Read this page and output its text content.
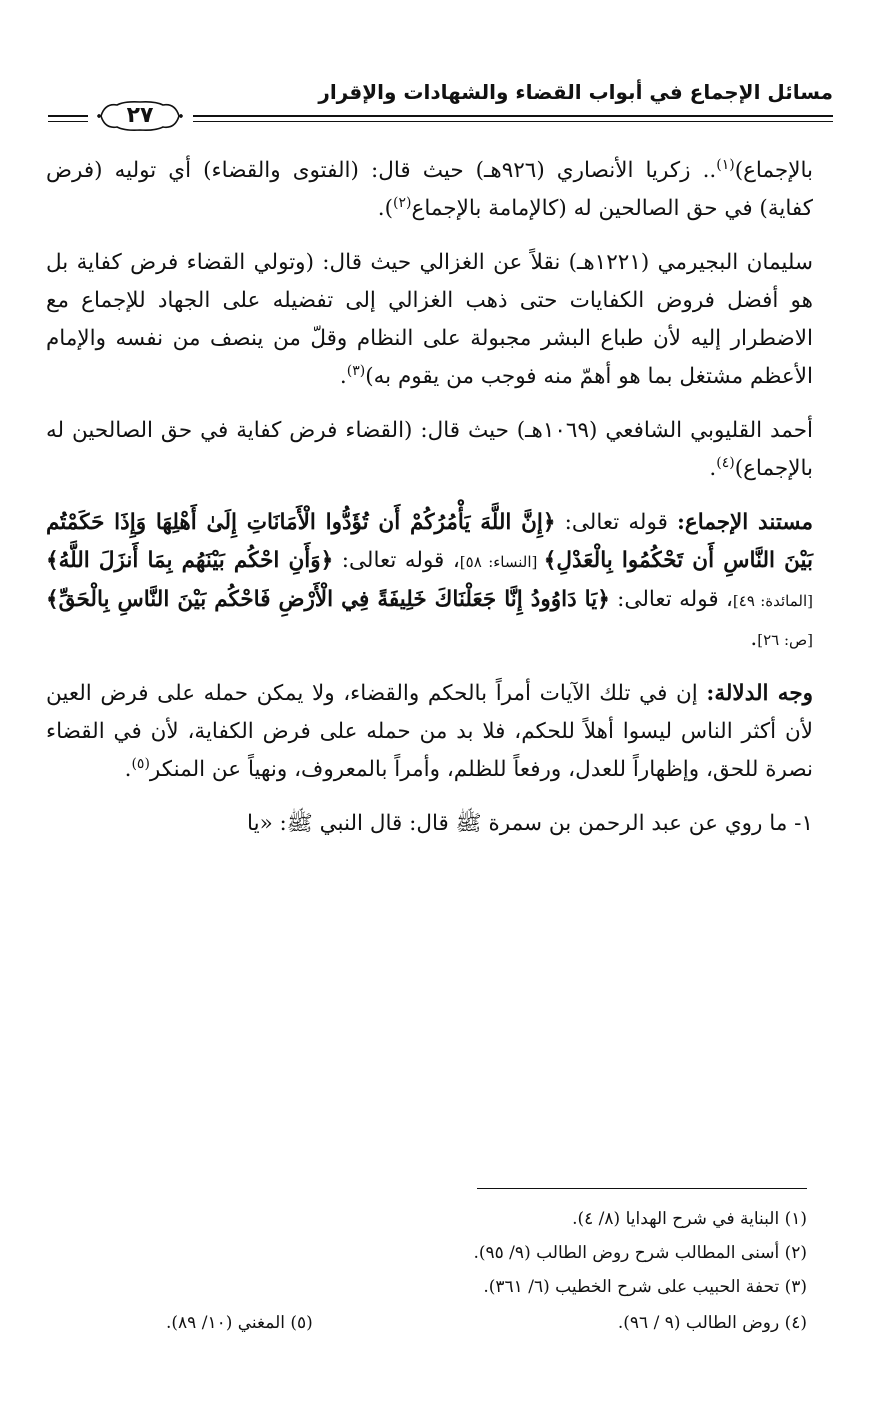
مسائل الإجماع في أبواب القضاء والشهادات والإقرار
٢٧

بالإجماع)$^{(١)}$.. زكريا الأنصاري (٩٢٦هـ) حيث قال: (الفتوى والقضاء) أي توليه (فرض كفاية) في حق الصالحين له (كالإمامة بالإجماع$^{(٢)}$).

سليمان البجيرمي (١٢٢١هـ) نقلاً عن الغزالي حيث قال: (وتولي القضاء فرض كفاية بل هو أفضل فروض الكفايات حتى ذهب الغزالي إلى تفضيله على الجهاد للإجماع مع الاضطرار إليه لأن طباع البشر مجبولة على النظام وقلّ من ينصف من نفسه والإمام الأعظم مشتغل بما هو أهمّ منه فوجب من يقوم به)$^{(٣)}$.

أحمد القليوبي الشافعي (١٠٦٩هـ) حيث قال: (القضاء فرض كفاية في حق الصالحين له بالإجماع)$^{(٤)}$.

مستند الإجماع: قوله تعالى: ﴿إِنَّ اللَّهَ يَأْمُرُكُمْ أَن تُؤَدُّوا الْأَمَانَاتِ إِلَىٰ أَهْلِهَا وَإِذَا حَكَمْتُم بَيْنَ النَّاسِ أَن تَحْكُمُوا بِالْعَدْلِ﴾ [النساء: ٥٨]، قوله تعالى: ﴿وَأَنِ احْكُم بَيْنَهُم بِمَا أَنزَلَ اللَّهُ﴾ [المائدة: ٤٩]، قوله تعالى: ﴿يَا دَاوُودُ إِنَّا جَعَلْنَاكَ خَلِيفَةً فِي الْأَرْضِ فَاحْكُم بَيْنَ النَّاسِ بِالْحَقِّ﴾ [ص: ٢٦].

وجه الدلالة: إن في تلك الآيات أمراً بالحكم والقضاء، ولا يمكن حمله على فرض العين لأن أكثر الناس ليسوا أهلاً للحكم، فلا بد من حمله على فرض الكفاية، لأن في القضاء نصرة للحق، وإظهاراً للعدل، ورفعاً للظلم، وأمراً بالمعروف، ونهياً عن المنكر$^{(٥)}$.

١- ما روي عن عبد الرحمن بن سمرة ﷺ قال: قال النبي ﷺ: «يا

(١) البناية في شرح الهدايا (٨/ ٤).
(٢) أسنى المطالب شرح روض الطالب (٩/ ٩٥).
(٣) تحفة الحبيب على شرح الخطيب (٦/ ٣٦١).
(٤) روض الطالب (٩ / ٩٦).
(٥) المغني (١٠/ ٨٩).
